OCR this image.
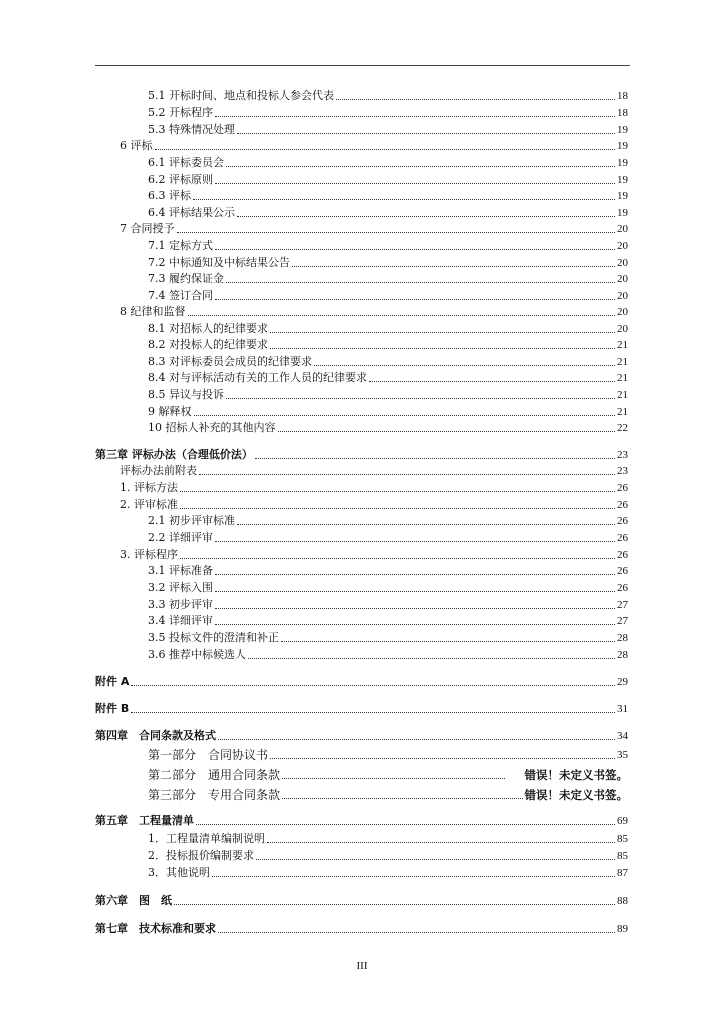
5.1 开标时间、地点和投标人参会代表	18
5.2 开标程序	18
5.3 特殊情况处理	19
6 评标	19
6.1 评标委员会	19
6.2 评标原则	19
6.3 评标	19
6.4 评标结果公示	19
7 合同授予	20
7.1 定标方式	20
7.2 中标通知及中标结果公告	20
7.3 履约保证金	20
7.4 签订合同	20
8 纪律和监督	20
8.1 对招标人的纪律要求	20
8.2 对投标人的纪律要求	21
8.3 对评标委员会成员的纪律要求	21
8.4 对与评标活动有关的工作人员的纪律要求	21
8.5 异议与投诉	21
9 解释权	21
10 招标人补充的其他内容	22
第三章 评标办法（合理低价法）	23
评标办法前附表	23
1. 评标方法	26
2. 评审标准	26
2.1 初步评审标准	26
2.2 详细评审	26
3. 评标程序	26
3.1 评标准备	26
3.2 评标入围	26
3.3 初步评审	27
3.4 详细评审	27
3.5 投标文件的澄清和补正	28
3.6 推荐中标候选人	28
附件 A	29
附件 B	31
第四章　合同条款及格式	34
第一部分　合同协议书	35
第二部分　通用合同条款	错误！未定义书签。
第三部分　专用合同条款	错误！未定义书签。
第五章　工程量清单	69
1．工程量清单编制说明	85
2．投标报价编制要求	85
3．其他说明	87
第六章　图　纸	88
第七章　技术标准和要求	89
III
